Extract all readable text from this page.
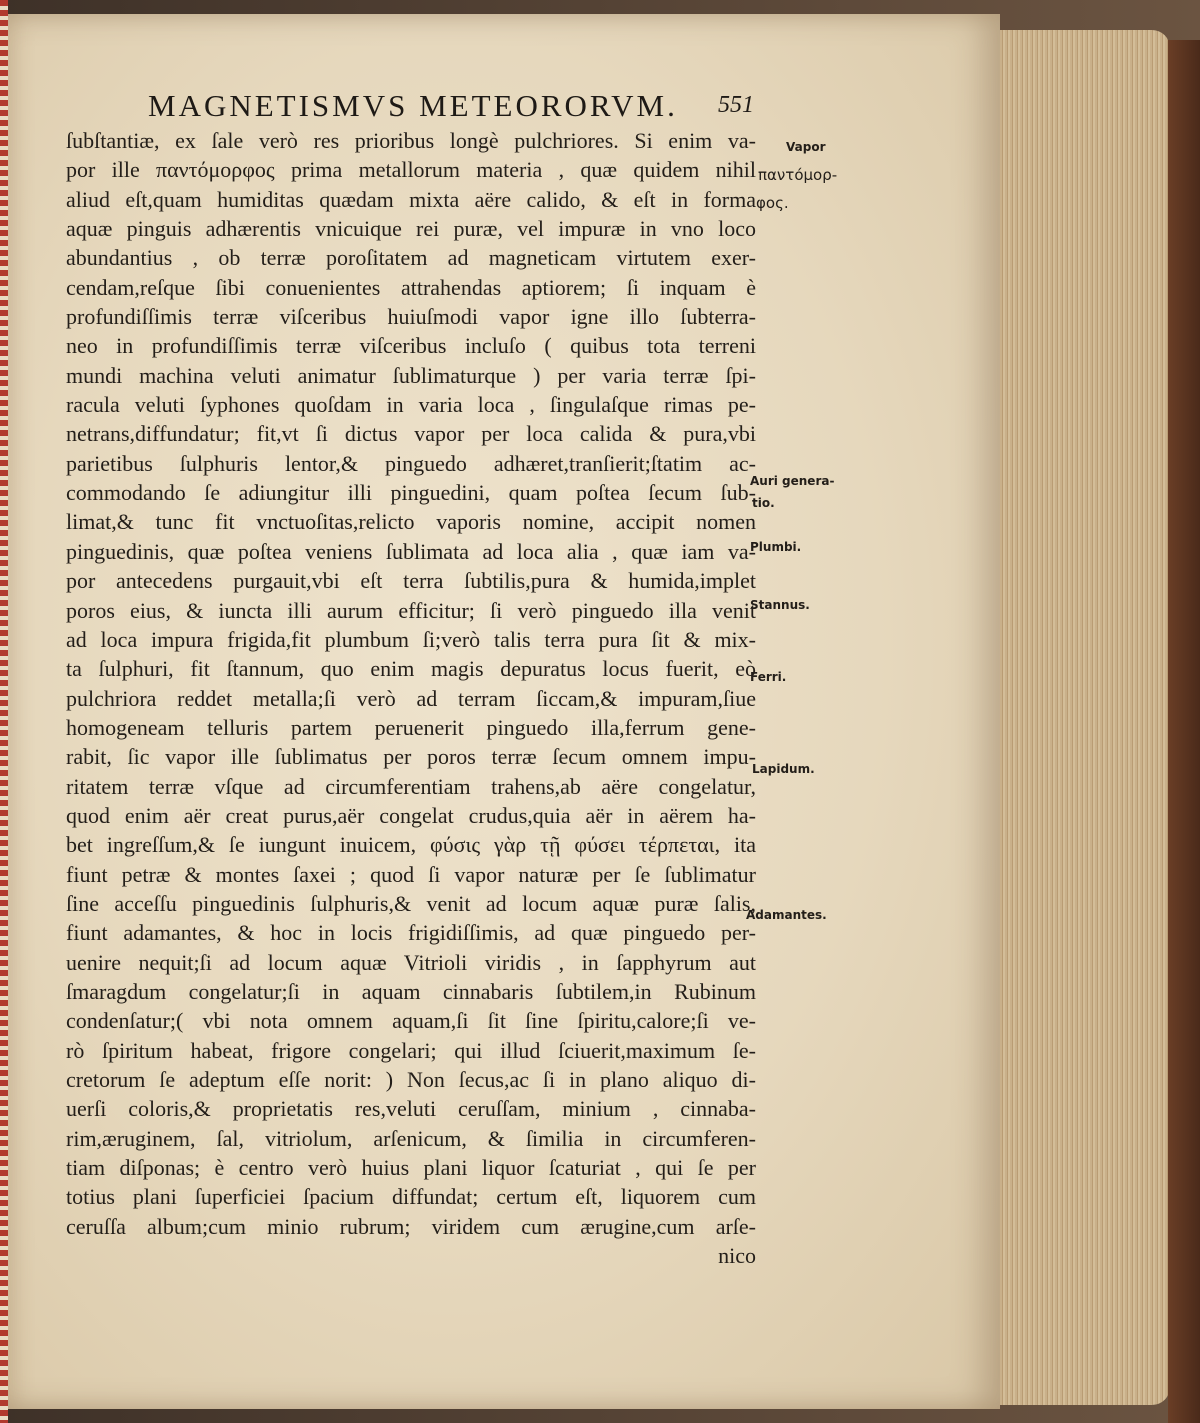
MAGNETISMVS METEORORVM.	551
ſubſtantiæ, ex ſale verò res prioribus longè pulchriores. Si enim va-
por ille παντόμορφος prima metallorum materia , quæ quidem nihil
aliud eſt,quam humiditas quædam mixta aëre calido, & eſt in forma
aquæ pinguis adhærentis vnicuique rei puræ, vel impuræ in vno loco
abundantius , ob terræ poroſitatem ad magneticam virtutem exer-
cendam,reſque ſibi conuenientes attrahendas aptiorem; ſi inquam è
profundiſſimis terræ viſceribus huiuſmodi vapor igne illo ſubterra-
neo in profundiſſimis terræ viſceribus incluſo ( quibus tota terreni
mundi machina veluti animatur ſublimaturque ) per varia terræ ſpi-
racula veluti ſyphones quoſdam in varia loca , ſingulaſque rimas pe-
netrans,diffundatur; fit,vt ſi dictus vapor per loca calida & pura,vbi
parietibus ſulphuris lentor,& pinguedo adhæret,tranſierit;ſtatim ac-
commodando ſe adiungitur illi pinguedini, quam poſtea ſecum ſub-
limat,& tunc fit vnctuoſitas,relicto vaporis nomine, accipit nomen
pinguedinis, quæ poſtea veniens ſublimata ad loca alia , quæ iam va-
por antecedens purgauit,vbi eſt terra ſubtilis,pura & humida,implet
poros eius, & iuncta illi aurum efficitur; ſi verò pinguedo illa venit
ad loca impura frigida,fit plumbum ſi;verò talis terra pura ſit & mix-
ta ſulphuri, fit ſtannum, quo enim magis depuratus locus fuerit, eò
pulchriora reddet metalla;ſi verò ad terram ſiccam,& impuram,ſiue
homogeneam telluris partem peruenerit pinguedo illa,ferrum gene-
rabit, ſic vapor ille ſublimatus per poros terræ ſecum omnem impu-
ritatem terræ vſque ad circumferentiam trahens,ab aëre congelatur,
quod enim aër creat purus,aër congelat crudus,quia aër in aërem ha-
bet ingreſſum,& ſe iungunt inuicem, φύσις γὰρ τῇ φύσει τέρπεται, ita
fiunt petræ & montes ſaxei ; quod ſi vapor naturæ per ſe ſublimatur
ſine acceſſu pinguedinis ſulphuris,& venit ad locum aquæ puræ ſalis,
fiunt adamantes, & hoc in locis frigidiſſimis, ad quæ pinguedo per-
uenire nequit;ſi ad locum aquæ Vitrioli viridis , in ſapphyrum aut
ſmaragdum congelatur;ſi in aquam cinnabaris ſubtilem,in Rubinum
condenſatur;( vbi nota omnem aquam,ſi ſit ſine ſpiritu,calore;ſi ve-
rò ſpiritum habeat, frigore congelari; qui illud ſciuerit,maximum ſe-
cretorum ſe adeptum eſſe norit: ) Non ſecus,ac ſi in plano aliquo di-
uerſi coloris,& proprietatis res,veluti ceruſſam, minium , cinnaba-
rim,æruginem, ſal, vitriolum, arſenicum, & ſimilia in circumferen-
tiam diſponas; è centro verò huius plani liquor ſcaturiat , qui ſe per
totius plani ſuperficiei ſpacium diffundat; certum eſt, liquorem cum
ceruſſa album;cum minio rubrum; viridem cum ærugine,cum arſe-
nico
Vapor
παντόμορ-
φος.
Auri genera-
tio.
Plumbi.
Stannus.
Ferri.
Lapidum.
Adamantes.
